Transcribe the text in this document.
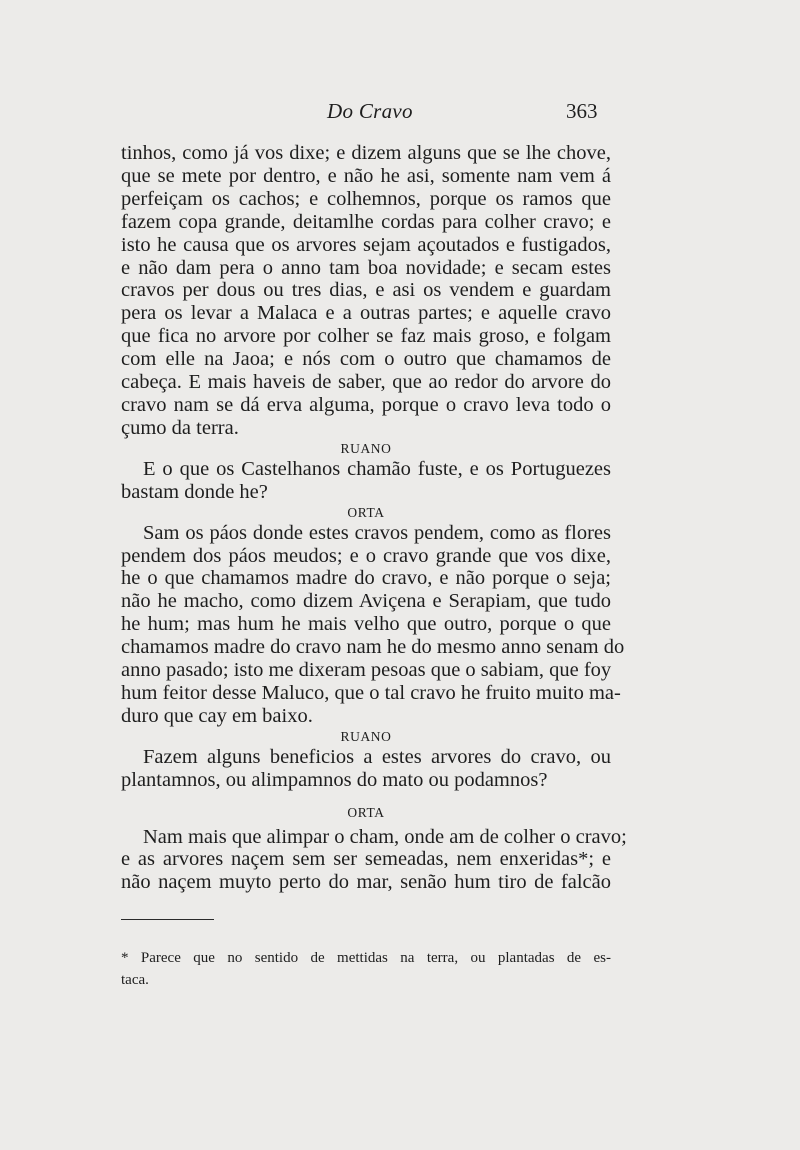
Do Cravo	363

tinhos, como já vos dixe; e dizem alguns que se lhe chove,
que se mete por dentro, e não he asi, somente nam vem á
perfeiçam os cachos; e colhemnos, porque os ramos que
fazem copa grande, deitamlhe cordas para colher cravo; e
isto he causa que os arvores sejam açoutados e fustigados,
e não dam pera o anno tam boa novidade; e secam estes
cravos per dous ou tres dias, e asi os vendem e guardam
pera os levar a Malaca e a outras partes; e aquelle cravo
que fica no arvore por colher se faz mais groso, e folgam
com elle na Jaoa; e nós com o outro que chamamos de
cabeça. E mais haveis de saber, que ao redor do arvore do
cravo nam se dá erva alguma, porque o cravo leva todo o
çumo da terra.

RUANO

E o que os Castelhanos chamão fuste, e os Portuguezes

bastam donde he?

ORTA

Sam os páos donde estes cravos pendem, como as flores

pendem dos páos meudos; e o cravo grande que vos dixe,
he o que chamamos madre do cravo, e não porque o seja;
não he macho, como dizem Aviçena e Serapiam, que tudo
he hum; mas hum he mais velho que outro, porque o que
chamamos madre do cravo nam he do mesmo anno senam do
anno pasado; isto me dixeram pesoas que o sabiam, que foy
hum feitor desse Maluco, que o tal cravo he fruito muito ma-
duro que cay em baixo.

RUANO

Fazem alguns beneficios a estes arvores do cravo, ou

plantamnos, ou alimpamnos do mato ou podamnos?

ORTA

Nam mais que alimpar o cham, onde am de colher o cravo;

e as arvores naçem sem ser semeadas, nem enxeridas*; e
não naçem muyto perto do mar, senão hum tiro de falcão

* Parece que no sentido de mettidas na terra, ou plantadas de es-
taca.
